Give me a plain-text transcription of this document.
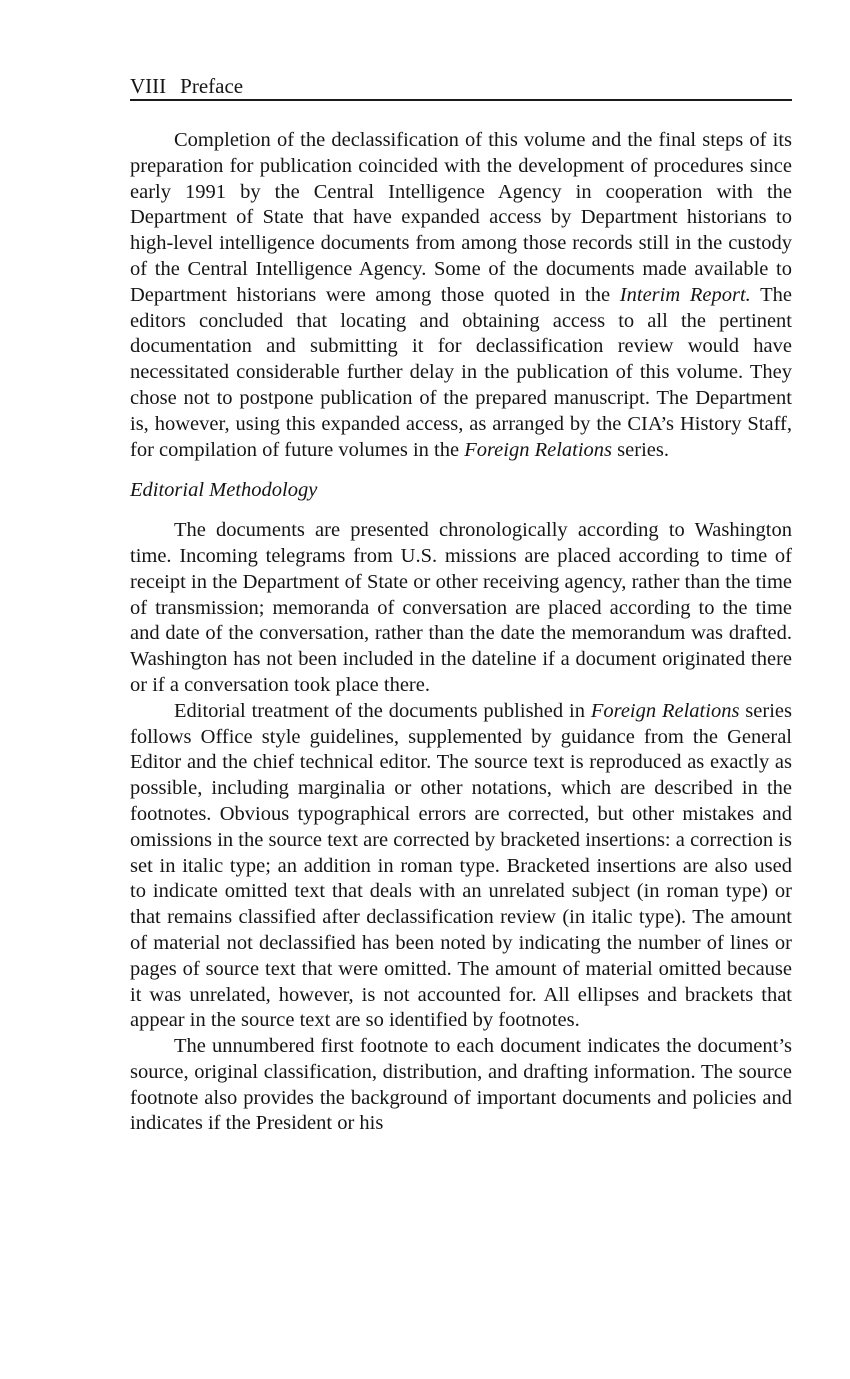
VIII Preface

Completion of the declassification of this volume and the final steps of its preparation for publication coincided with the development of procedures since early 1991 by the Central Intelligence Agency in cooperation with the Department of State that have expanded access by Department historians to high-level intelligence documents from among those records still in the custody of the Central Intelligence Agency. Some of the documents made available to Department historians were among those quoted in the Interim Report. The editors concluded that locating and obtaining access to all the pertinent documentation and submitting it for declassification review would have necessitated considerable further delay in the publication of this volume. They chose not to postpone publication of the prepared manuscript. The Department is, however, using this expanded access, as arranged by the CIA’s History Staff, for compilation of future volumes in the Foreign Relations series.

Editorial Methodology

The documents are presented chronologically according to Washington time. Incoming telegrams from U.S. missions are placed according to time of receipt in the Department of State or other receiving agency, rather than the time of transmission; memoranda of conversation are placed according to the time and date of the conversation, rather than the date the memorandum was drafted. Washington has not been included in the dateline if a document originated there or if a conversation took place there.

Editorial treatment of the documents published in Foreign Relations series follows Office style guidelines, supplemented by guidance from the General Editor and the chief technical editor. The source text is reproduced as exactly as possible, including marginalia or other notations, which are described in the footnotes. Obvious typographical errors are corrected, but other mistakes and omissions in the source text are corrected by bracketed insertions: a correction is set in italic type; an addition in roman type. Bracketed insertions are also used to indicate omitted text that deals with an unrelated subject (in roman type) or that remains classified after declassification review (in italic type). The amount of material not declassified has been noted by indicating the number of lines or pages of source text that were omitted. The amount of material omitted because it was unrelated, however, is not accounted for. All ellipses and brackets that appear in the source text are so identified by footnotes.

The unnumbered first footnote to each document indicates the document’s source, original classification, distribution, and drafting information. The source footnote also provides the background of important documents and policies and indicates if the President or his
